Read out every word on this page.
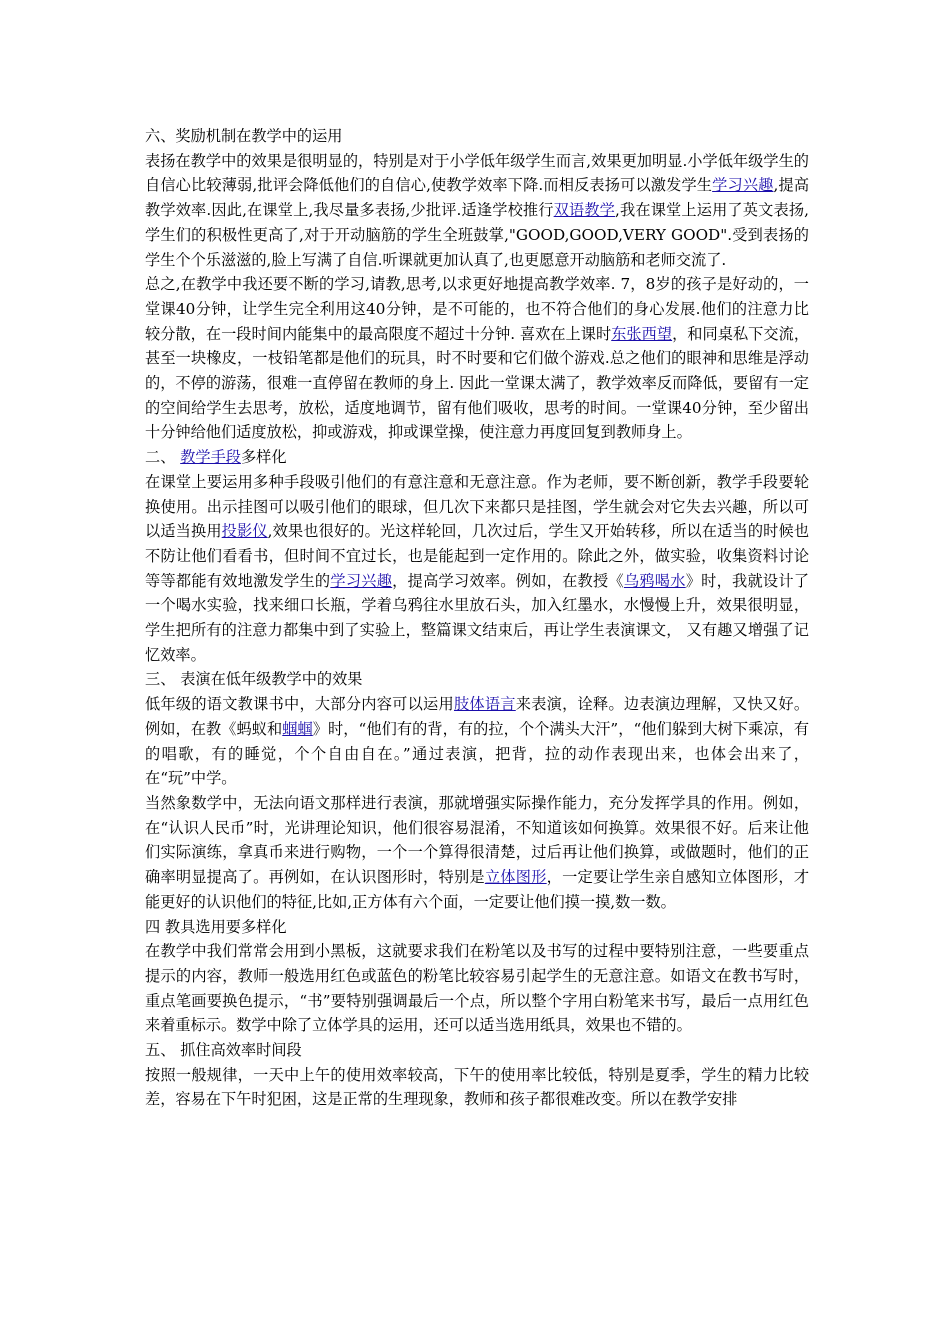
六、奖励机制在教学中的运用

表扬在教学中的效果是很明显的，特别是对于小学低年级学生而言,效果更加明显.小学低年级学生的自信心比较薄弱,批评会降低他们的自信心,使教学效率下降.而相反表扬可以激发学生学习兴趣,提高教学效率.因此,在课堂上,我尽量多表扬,少批评.适逢学校推行双语教学,我在课堂上运用了英文表扬,学生们的积极性更高了,对于开动脑筋的学生全班鼓掌,"GOOD,GOOD,VERY GOOD".受到表扬的学生个个乐滋滋的,脸上写满了自信.听课就更加认真了,也更愿意开动脑筋和老师交流了.

总之,在教学中我还要不断的学习,请教,思考,以求更好地提高教学效率. 7，8岁的孩子是好动的，一堂课40分钟，让学生完全利用这40分钟，是不可能的，也不符合他们的身心发展.他们的注意力比较分散，在一段时间内能集中的最高限度不超过十分钟. 喜欢在上课时东张西望，和同桌私下交流，甚至一块橡皮，一枝铅笔都是他们的玩具，时不时要和它们做个游戏.总之他们的眼神和思维是浮动的，不停的游荡，很难一直停留在教师的身上. 因此一堂课太满了，教学效率反而降低，要留有一定的空间给学生去思考，放松，适度地调节，留有他们吸收，思考的时间。一堂课40分钟，至少留出十分钟给他们适度放松，抑或游戏，抑或课堂操，使注意力再度回复到教师身上。

二、 教学手段多样化

在课堂上要运用多种手段吸引他们的有意注意和无意注意。作为老师，要不断创新，教学手段要轮换使用。出示挂图可以吸引他们的眼球，但几次下来都只是挂图，学生就会对它失去兴趣，所以可以适当换用投影仪,效果也很好的。光这样轮回，几次过后，学生又开始转移，所以在适当的时候也不防让他们看看书，但时间不宜过长，也是能起到一定作用的。除此之外，做实验，收集资料讨论等等都能有效地激发学生的学习兴趣，提高学习效率。例如，在教授《乌鸦喝水》时，我就设计了一个喝水实验，找来细口长瓶，学着乌鸦往水里放石头，加入红墨水，水慢慢上升，效果很明显，学生把所有的注意力都集中到了实验上，整篇课文结束后，再让学生表演课文， 又有趣又增强了记忆效率。

三、 表演在低年级教学中的效果

低年级的语文教课书中，大部分内容可以运用肢体语言来表演，诠释。边表演边理解，又快又好。例如，在教《蚂蚁和蝈蝈》时，“他们有的背，有的拉，个个满头大汗”，“他们躲到大树下乘凉，有的唱歌，有的睡觉，个个自由自在。”通过表演，把背，拉的动作表现出来，也体会出来了，在“玩”中学。

当然象数学中，无法向语文那样进行表演，那就增强实际操作能力，充分发挥学具的作用。例如，在“认识人民币”时，光讲理论知识，他们很容易混淆，不知道该如何换算。效果很不好。后来让他们实际演练，拿真币来进行购物，一个一个算得很清楚，过后再让他们换算，或做题时，他们的正确率明显提高了。再例如，在认识图形时，特别是立体图形，一定要让学生亲自感知立体图形，才能更好的认识他们的特征,比如,正方体有六个面，一定要让他们摸一摸,数一数。

四 教具选用要多样化

在教学中我们常常会用到小黑板，这就要求我们在粉笔以及书写的过程中要特别注意，一些要重点提示的内容，教师一般选用红色或蓝色的粉笔比较容易引起学生的无意注意。如语文在教书写时，重点笔画要换色提示，“书”要特别强调最后一个点，所以整个字用白粉笔来书写，最后一点用红色来着重标示。数学中除了立体学具的运用，还可以适当选用纸具，效果也不错的。

五、 抓住高效率时间段

按照一般规律，一天中上午的使用效率较高，下午的使用率比较低，特别是夏季，学生的精力比较差，容易在下午时犯困，这是正常的生理现象，教师和孩子都很难改变。所以在教学安排
